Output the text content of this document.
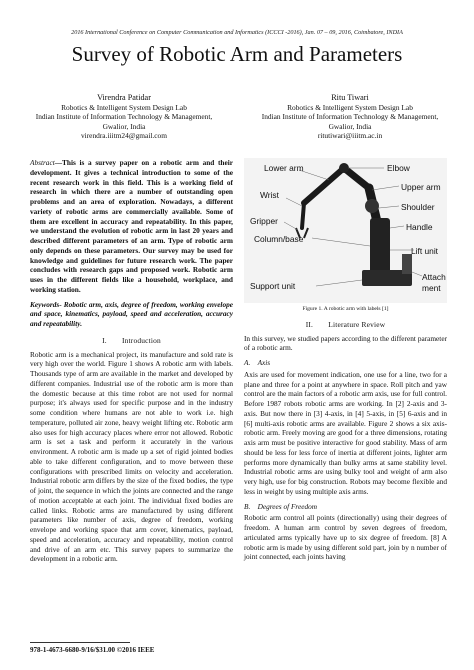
2016 International Conference on Computer Communication and Informatics (ICCCI -2016), Jan. 07 – 09, 2016, Coimbatore, INDIA
Survey of Robotic Arm and Parameters
Virendra Patidar
Robotics & Intelligent System Design Lab
Indian Institute of Information Technology & Management,
Gwalior, India
virendra.iiitm24@gmail.com
Ritu Tiwari
Robotics & Intelligent System Design Lab
Indian Institute of Information Technology & Management,
Gwalior, India
ritutiwari@iiitm.ac.in

Abstract—This is a survey paper on a robotic arm and their development. It gives a technical introduction to some of the recent research work in this field. This is a working field of research in which there are a number of outstanding open problems and an area of exploration. Nowadays, a different variety of robotic arms are commercially available. Some of them are excellent in accuracy and repeatability. In this paper, we understand the evolution of robotic arm in last 20 years and described different parameters of an arm. Type of robotic arm only depends on these parameters. Our survey may be used for knowledge and guidelines for future research work. The paper concludes with research gaps and proposed work. Robotic arm uses in the different fields like a household, workplace, and working station.

Keywords- Robotic arm, axis, degree of freedom, working envelope and space, kinematics, payload, speed and acceleration, accuracy and repeatability.

I.  Introduction

Robotic arm is a mechanical project, its manufacture and sold rate is very high over the world. Figure 1 shows A robotic arm with labels. Thousands type of arm are available in the market and developed by different companies. Industrial use of the robotic arm is more than the domestic because at this time robot are not used for normal purpose; it's always used for specific purpose and in the industry some condition where humans are not able to work i.e. high temperature, polluted air zone, heavy weight lifting etc. Robotic arm also uses for high accuracy places where error not allowed. Robotic arm is set a task and perform it accurately in the various environment. A robotic arm is made up a set of rigid jointed bodies able to take different configuration, and to move between these configurations with prescribed limits on velocity and acceleration. Industrial robotic arm differs by the size of the fixed bodies, the type of joint, the sequence in which the joints are connected and the range of motion acceptable at each joint. The individual fixed bodies are called links. Robotic arms are manufactured by using different parameters like number of axis, degree of freedom, working envelope and working space that arm cover, kinematics, payload, speed and acceleration, accuracy and repeatability, motion control and drive of an arm etc. This survey papers to summarize the development in a robotic arm.

Lower arm	Elbow
Wrist
Upper arm
Shoulder
Gripper
Handle
Column/base
Lift unit
Support unit
Attach
ment
Figure 1. A robotic arm with labels [1]
II.  Literature Review

In this survey, we studied papers according to the different parameter of a robotic arm.

A. Axis

Axis are used for movement indication, one use for a line, two for a plane and three for a point at anywhere in space. Roll pitch and yaw control are the main factors of a robotic arm axis, use for full control. Before 1987 robots robotic arms are working. In [2] 2-axis and 3-axis. But now there in [3] 4-axis, in [4] 5-axis, in [5] 6-axis and in [6] multi-axis robotic arms are available. Figure 2 shows a six axis- robotic arm. Freely moving are good for a three dimensions, rotating axis arm must be positive interactive for good stability. Mass of arm should be less for less force of inertia at different joints, lighter arm performs more dynamically than bulky arms at same stability level. Industrial robotic arms are using bulky tool and weight of arm also very high, use for big construction. Robots may become flexible and less in weight by using multiple axis arms.

B. Degrees of Freedom

Robotic arm control all points (directionally) using their degrees of freedom. A human arm control by seven degrees of freedom, articulated arms typically have up to six degree of freedom. [8] A robotic arm is made by using different sold part, join by n number of joint connected, each joints having

978-1-4673-6680-9/16/$31.00 ©2016 IEEE
